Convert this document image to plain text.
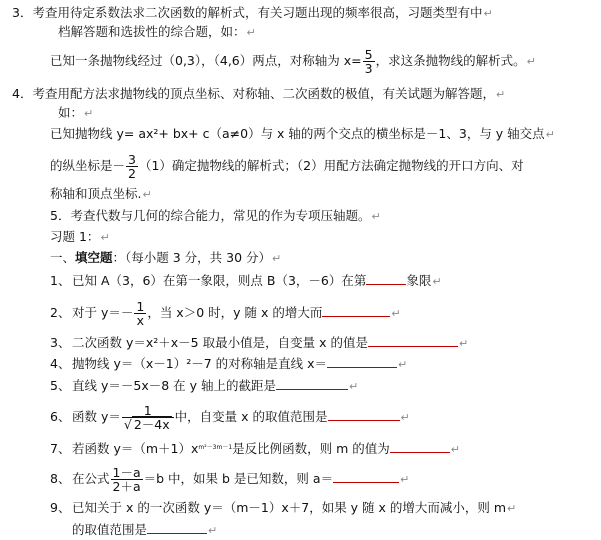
3．考查用待定系数法求二次函数的解析式，有关习题出现的频率很高，习题类型有中↵
档解答题和选拔性的综合题，如：↵
已知一条抛物线经过（0,3），（4,6）两点，对称轴为 $x= \frac{5}{3}$ ，求这条抛物线的解析式。↵
4．考查用配方法求抛物线的顶点坐标、对称轴、二次函数的极值，有关试题为解答题，↵
如：↵
已知抛物线 y= ax²+ bx+ c（a≠0）与 x 轴的两个交点的横坐标是－1、3，与 y 轴交点↵
的纵坐标是－ $\frac{3}{2} (1)$确定抛物线的解析式；（2）用配方法确定抛物线的开口方向、对
称轴和顶点坐标.↵
5．考查代数与几何的综合能力，常见的作为专项压轴题。↵
习题 1：↵
一、填空题：（每小题 3 分，共 30 分）↵
1、 已知 A（3，6）在第一象限，则点 B（3，－6）在第	象限↵
2、 对于 $y=- \frac{1}{x}$ ，当 x＞0 时，y 随 x 的增大而	↵
3、 二次函数 y＝x²＋x－5 取最小值是，自变量 x 的值是	↵
4、 抛物线 y＝（x－1）²－7 的对称轴是直线 x＝	↵
5、 直线 y＝－5x－8 在 y 轴上的截距是	↵
6、 函数 $y= \frac{1}{√ 2-4x}$ 中，自变量 x 的取值范围是	↵
7、 若函数 $y=(m+1)x^{m^2-3m-1}$是反比例函数，则 m 的值为	↵
8、 在公式 $\frac{1-a}{2+a} =b$ 中，如果 b 是已知数，则 a＝	↵
9、 已知关于 x 的一次函数 y＝（m－1）x＋7，如果 y 随 x 的增大而减小，则 m↵
的取值范围是	↵
